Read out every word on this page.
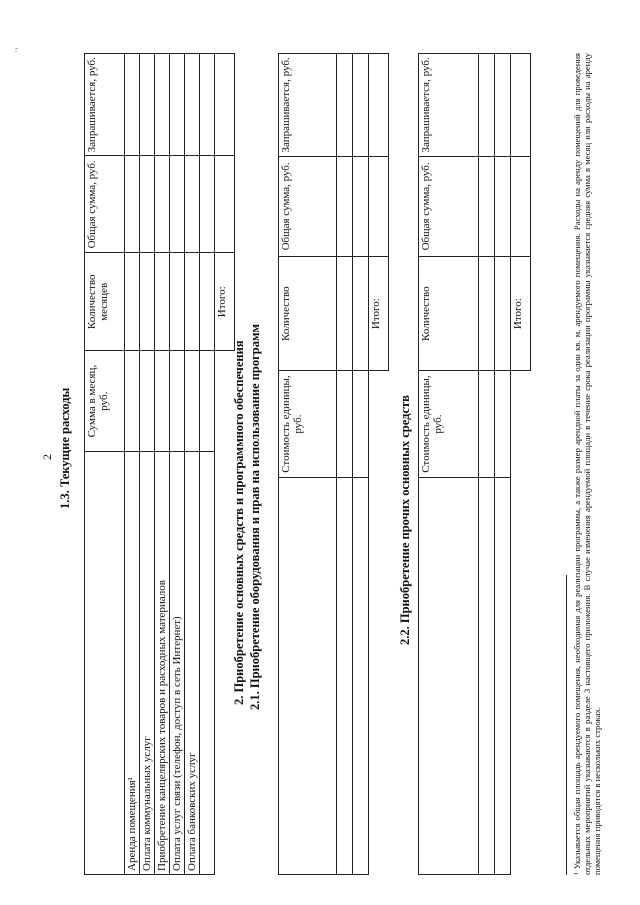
`’
2 1.3. Текущие расходы
	Сумма в месяц, руб.	Количество месяцев	Общая сумма, руб.	Запрашивается, руб.
Аренда помещения¹				
Оплата коммунальных услуг				
Приобретение канцелярских товаров и расходных материалов				
Оплата услуг связи (телефон, доступ в сеть Интернет)				
Оплата банковских услуг				

		Итого:		
2. Приобретение основных средств и программного обеспечения 2.1. Приобретение оборудования и прав на использование программ
	Стоимость единицы, руб.	Количество	Общая сумма, руб.	Запрашивается, руб.

		Итого:		
2.2. Приобретение прочих основных средств
	Стоимость единицы, руб.	Количество	Общая сумма, руб.	Запрашивается, руб.

		Итого:			¹ Указывается общая площадь арендуемого помещения, необходимая для реализации программы, а также размер арендной платы за один кв. м. арендуемого помещения. Расходы на аренду помещений для проведения отдельных мероприятий указываются в разделе 3 настоящего приложения. В случае изменения арендуемой площади в течение срока реализации программы указывается средняя сумма в месяц или расходы на аренду помещения приводятся в нескольких строках.
